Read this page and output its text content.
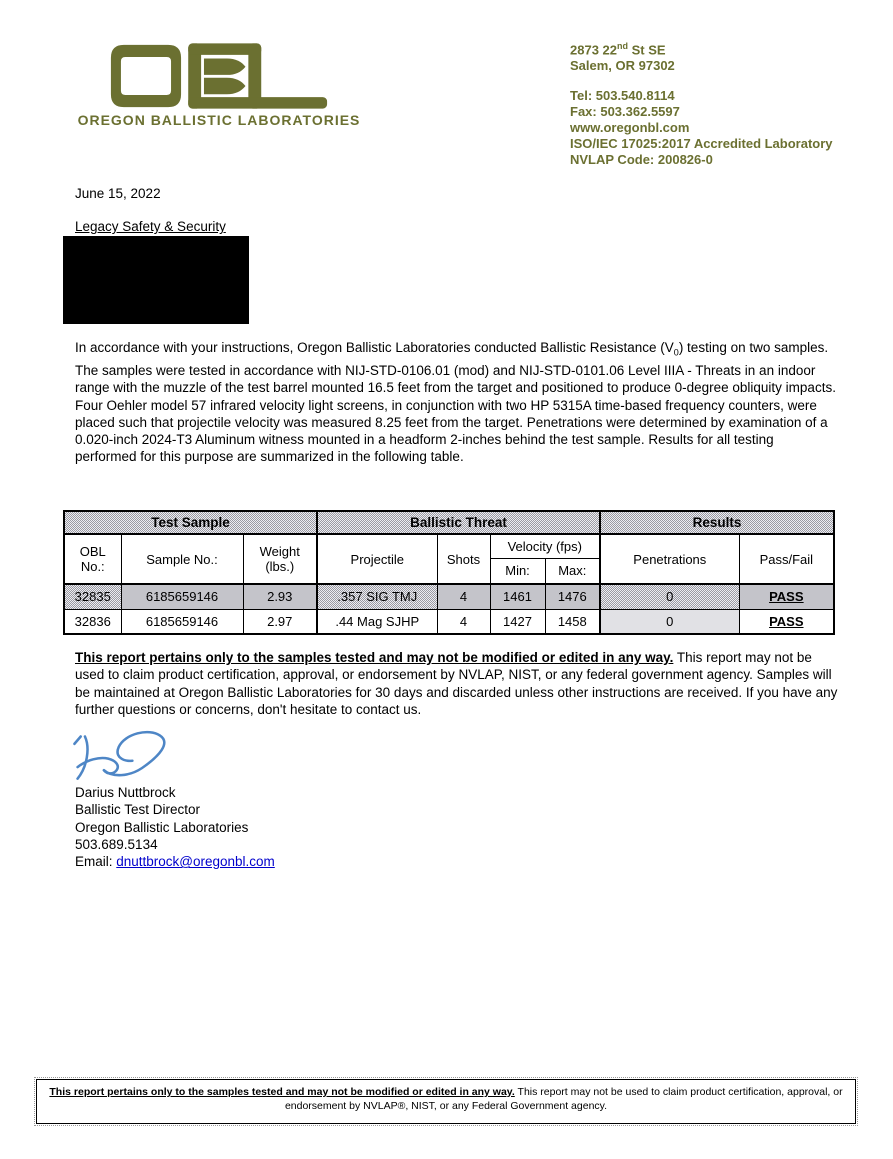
OREGON BALLISTIC LABORATORIES
2873 22nd St SE
Salem, OR 97302
Tel: 503.540.8114
Fax: 503.362.5597
www.oregonbl.com
ISO/IEC 17025:2017 Accredited Laboratory
NVLAP Code: 200826-0
June 15, 2022
Legacy Safety & Security

In accordance with your instructions, Oregon Ballistic Laboratories conducted Ballistic Resistance $(V_0)$ testing on two samples.

The samples were tested in accordance with NIJ-STD-0106.01 (mod) and NIJ-STD-0101.06 Level IIIA - Threats in an indoor range with the muzzle of the test barrel mounted 16.5 feet from the target and positioned to produce 0-degree obliquity impacts. Four Oehler model 57 infrared velocity light screens, in conjunction with two HP 5315A time-based frequency counters, were placed such that projectile velocity was measured 8.25 feet from the target. Penetrations were determined by examination of a 0.020-inch 2024-T3 Aluminum witness mounted in a headform 2-inches behind the test sample. Results for all testing performed for this purpose are summarized in the following table.

Test Sample			Ballistic Threat				Results	
OBL No.:	Sample No.:	Weight (lbs.)	Projectile	Shots	Velocity (fps)		Penetrations	Pass/Fail
					Min:	Max:		
32835	6185659146	2.93	.357 SIG TMJ	4	1461	1476	0	PASS
32836	6185659146	2.97	.44 Mag SJHP	4	1427	1458	0	PASS
This report pertains only to the samples tested and may not be modified or edited in any way. This report may not be used to claim product certification, approval, or endorsement by NVLAP, NIST, or any federal government agency. Samples will be maintained at Oregon Ballistic Laboratories for 30 days and discarded unless other instructions are received. If you have any further questions or concerns, don't hesitate to contact us.
Darius Nuttbrock
Ballistic Test Director
Oregon Ballistic Laboratories
503.689.5134
Email: dnuttbrock@oregonbl.com
This report pertains only to the samples tested and may not be modified or edited in any way. This report may not be used to claim product certification, approval, or endorsement by NVLAP®, NIST, or any Federal Government agency.
